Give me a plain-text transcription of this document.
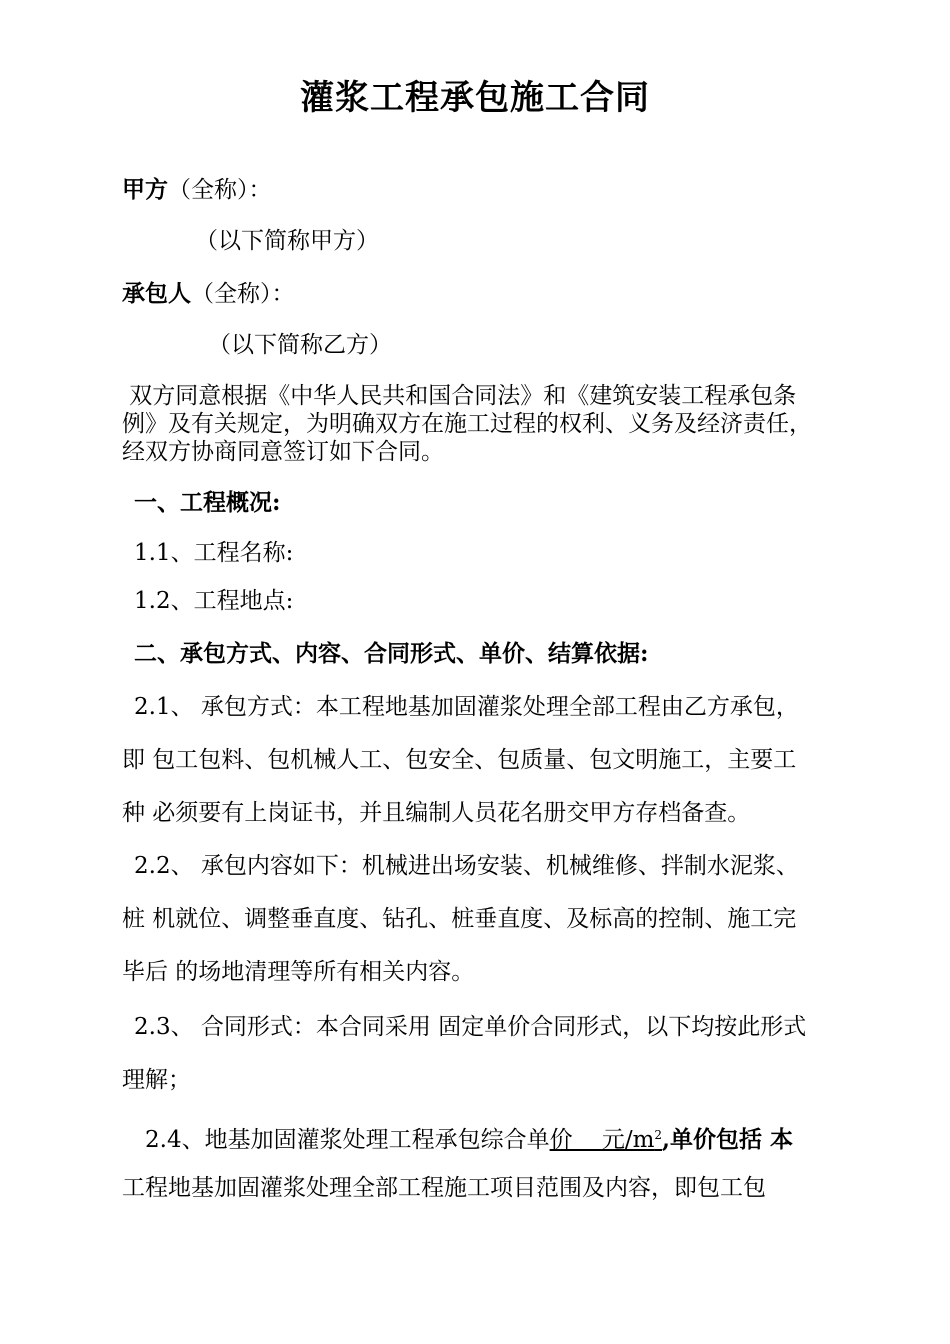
灌浆工程承包施工合同
甲方（全称）：
（以下简称甲方）
承包人（全称）：
（以下简称乙方）
双方同意根据《中华人民共和国合同法》和《建筑安装工程承包条
例》及有关规定，为明确双方在施工过程的权利、义务及经济责任，
经双方协商同意签订如下合同。
一、工程概况:
1.1、工程名称:
1.2、工程地点:
二、承包方式、内容、合同形式、单价、结算依据:
2.1、 承包方式：本工程地基加固灌浆处理全部工程由乙方承包，
即 包工包料、包机械人工、包安全、包质量、包文明施工，主要工
种 必须要有上岗证书，并且编制人员花名册交甲方存档备查。
2.2、 承包内容如下：机械进出场安装、机械维修、拌制水泥浆、
桩 机就位、调整垂直度、钻孔、桩垂直度、及标高的控制、施工完
毕后 的场地清理等所有相关内容。
2.3、 合同形式：本合同采用 固定单价合同形式，以下均按此形式
理解；
2.4、地基加固灌浆处理工程承包综合单价    元$/m^2$,单价包括 本
工程地基加固灌浆处理全部工程施工项目范围及内容，即包工包
